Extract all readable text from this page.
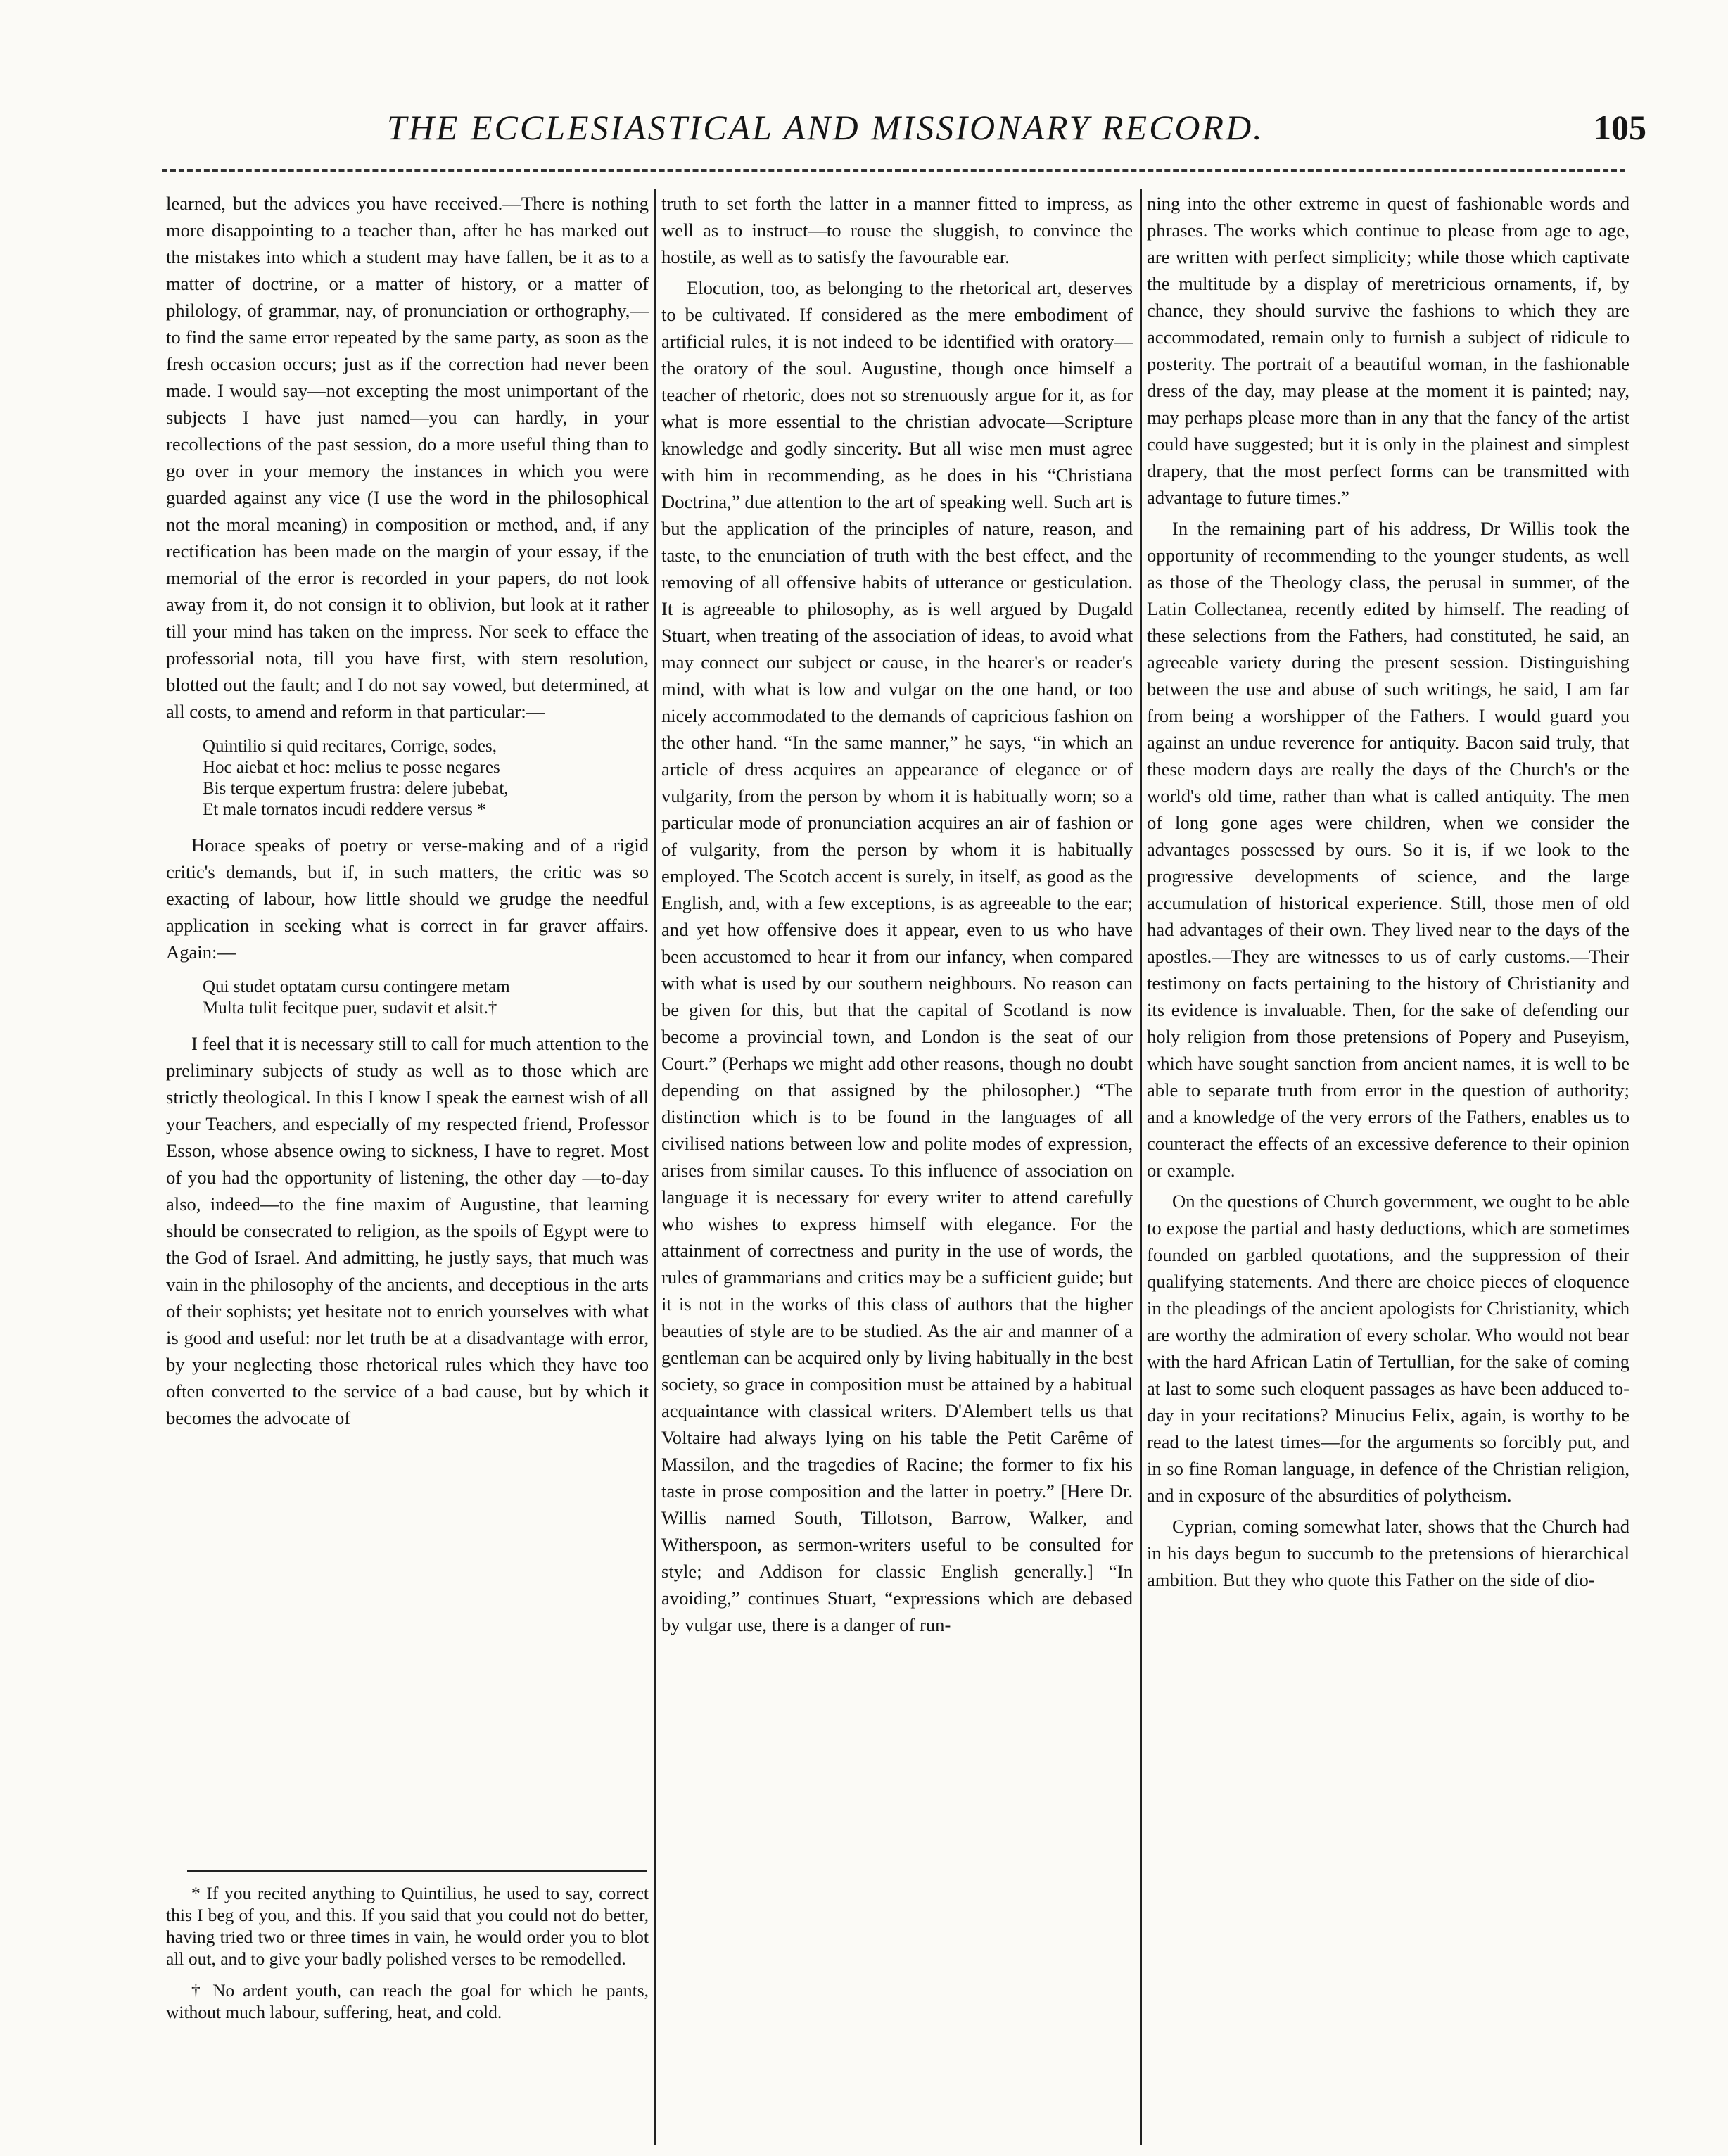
THE ECCLESIASTICAL AND MISSIONARY RECORD.	105

learned, but the advices you have received.—There is nothing more disappointing to a teacher than, after he has marked out the mistakes into which a student may have fallen, be it as to a matter of doctrine, or a matter of history, or a matter of philology, of grammar, nay, of pronunciation or orthography,—to find the same error repeated by the same party, as soon as the fresh occasion occurs; just as if the correction had never been made. I would say—not excepting the most unimportant of the subjects I have just named—you can hardly, in your recollections of the past session, do a more useful thing than to go over in your memory the instances in which you were guarded against any vice (I use the word in the philosophical not the moral meaning) in composition or method, and, if any rectification has been made on the margin of your essay, if the memorial of the error is recorded in your papers, do not look away from it, do not consign it to oblivion, but look at it rather till your mind has taken on the impress. Nor seek to efface the professorial nota, till you have first, with stern resolution, blotted out the fault; and I do not say vowed, but determined, at all costs, to amend and reform in that particular:—

Quintilio si quid recitares, Corrige, sodes,
Hoc aiebat et hoc: melius te posse negares
Bis terque expertum frustra: delere jubebat,
Et male tornatos incudi reddere versus *

Horace speaks of poetry or verse-making and of a rigid critic's demands, but if, in such matters, the critic was so exacting of labour, how little should we grudge the needful application in seeking what is correct in far graver affairs. Again:—

Qui studet optatam cursu contingere metam
Multa tulit fecitque puer, sudavit et alsit.†

I feel that it is necessary still to call for much attention to the preliminary subjects of study as well as to those which are strictly theological. In this I know I speak the earnest wish of all your Teachers, and especially of my respected friend, Professor Esson, whose absence owing to sickness, I have to regret. Most of you had the opportunity of listening, the other day —to-day also, indeed—to the fine maxim of Augustine, that learning should be consecrated to religion, as the spoils of Egypt were to the God of Israel. And admitting, he justly says, that much was vain in the philosophy of the ancients, and deceptious in the arts of their sophists; yet hesitate not to enrich yourselves with what is good and useful: nor let truth be at a disadvantage with error, by your neglecting those rhetorical rules which they have too often converted to the service of a bad cause, but by which it becomes the advocate of

* If you recited anything to Quintilius, he used to say, correct this I beg of you, and this. If you said that you could not do better, having tried two or three times in vain, he would order you to blot all out, and to give your badly polished verses to be remodelled.

† No ardent youth, can reach the goal for which he pants, without much labour, suffering, heat, and cold.

truth to set forth the latter in a manner fitted to impress, as well as to instruct—to rouse the sluggish, to convince the hostile, as well as to satisfy the favourable ear.

Elocution, too, as belonging to the rhetorical art, deserves to be cultivated. If considered as the mere embodiment of artificial rules, it is not indeed to be identified with oratory—the oratory of the soul. Augustine, though once himself a teacher of rhetoric, does not so strenuously argue for it, as for what is more essential to the christian advocate—Scripture knowledge and godly sincerity. But all wise men must agree with him in recommending, as he does in his “Christiana Doctrina,” due attention to the art of speaking well. Such art is but the application of the principles of nature, reason, and taste, to the enunciation of truth with the best effect, and the removing of all offensive habits of utterance or gesticulation. It is agreeable to philosophy, as is well argued by Dugald Stuart, when treating of the association of ideas, to avoid what may connect our subject or cause, in the hearer's or reader's mind, with what is low and vulgar on the one hand, or too nicely accommodated to the demands of capricious fashion on the other hand. “In the same manner,” he says, “in which an article of dress acquires an appearance of elegance or of vulgarity, from the person by whom it is habitually worn; so a particular mode of pronunciation acquires an air of fashion or of vulgarity, from the person by whom it is habitually employed. The Scotch accent is surely, in itself, as good as the English, and, with a few exceptions, is as agreeable to the ear; and yet how offensive does it appear, even to us who have been accustomed to hear it from our infancy, when compared with what is used by our southern neighbours. No reason can be given for this, but that the capital of Scotland is now become a provincial town, and London is the seat of our Court.” (Perhaps we might add other reasons, though no doubt depending on that assigned by the philosopher.) “The distinction which is to be found in the languages of all civilised nations between low and polite modes of expression, arises from similar causes. To this influence of association on language it is necessary for every writer to attend carefully who wishes to express himself with elegance. For the attainment of correctness and purity in the use of words, the rules of grammarians and critics may be a sufficient guide; but it is not in the works of this class of authors that the higher beauties of style are to be studied. As the air and manner of a gentleman can be acquired only by living habitually in the best society, so grace in composition must be attained by a habitual acquaintance with classical writers. D'Alembert tells us that Voltaire had always lying on his table the Petit Carême of Massilon, and the tragedies of Racine; the former to fix his taste in prose composition and the latter in poetry.” [Here Dr. Willis named South, Tillotson, Barrow, Walker, and Witherspoon, as sermon-writers useful to be consulted for style; and Addison for classic English generally.] “In avoiding,” continues Stuart, “expressions which are debased by vulgar use, there is a danger of run-

ning into the other extreme in quest of fashionable words and phrases. The works which continue to please from age to age, are written with perfect simplicity; while those which captivate the multitude by a display of meretricious ornaments, if, by chance, they should survive the fashions to which they are accommodated, remain only to furnish a subject of ridicule to posterity. The portrait of a beautiful woman, in the fashionable dress of the day, may please at the moment it is painted; nay, may perhaps please more than in any that the fancy of the artist could have suggested; but it is only in the plainest and simplest drapery, that the most perfect forms can be transmitted with advantage to future times.”

In the remaining part of his address, Dr Willis took the opportunity of recommending to the younger students, as well as those of the Theology class, the perusal in summer, of the Latin Collectanea, recently edited by himself. The reading of these selections from the Fathers, had constituted, he said, an agreeable variety during the present session. Distinguishing between the use and abuse of such writings, he said, I am far from being a worshipper of the Fathers. I would guard you against an undue reverence for antiquity. Bacon said truly, that these modern days are really the days of the Church's or the world's old time, rather than what is called antiquity. The men of long gone ages were children, when we consider the advantages possessed by ours. So it is, if we look to the progressive developments of science, and the large accumulation of historical experience. Still, those men of old had advantages of their own. They lived near to the days of the apostles.—They are witnesses to us of early customs.—Their testimony on facts pertaining to the history of Christianity and its evidence is invaluable. Then, for the sake of defending our holy religion from those pretensions of Popery and Puseyism, which have sought sanction from ancient names, it is well to be able to separate truth from error in the question of authority; and a knowledge of the very errors of the Fathers, enables us to counteract the effects of an excessive deference to their opinion or example.

On the questions of Church government, we ought to be able to expose the partial and hasty deductions, which are sometimes founded on garbled quotations, and the suppression of their qualifying statements. And there are choice pieces of eloquence in the pleadings of the ancient apologists for Christianity, which are worthy the admiration of every scholar. Who would not bear with the hard African Latin of Tertullian, for the sake of coming at last to some such eloquent passages as have been adduced to-day in your recitations? Minucius Felix, again, is worthy to be read to the latest times—for the arguments so forcibly put, and in so fine Roman language, in defence of the Christian religion, and in exposure of the absurdities of polytheism.

Cyprian, coming somewhat later, shows that the Church had in his days begun to succumb to the pretensions of hierarchical ambition. But they who quote this Father on the side of dio-
